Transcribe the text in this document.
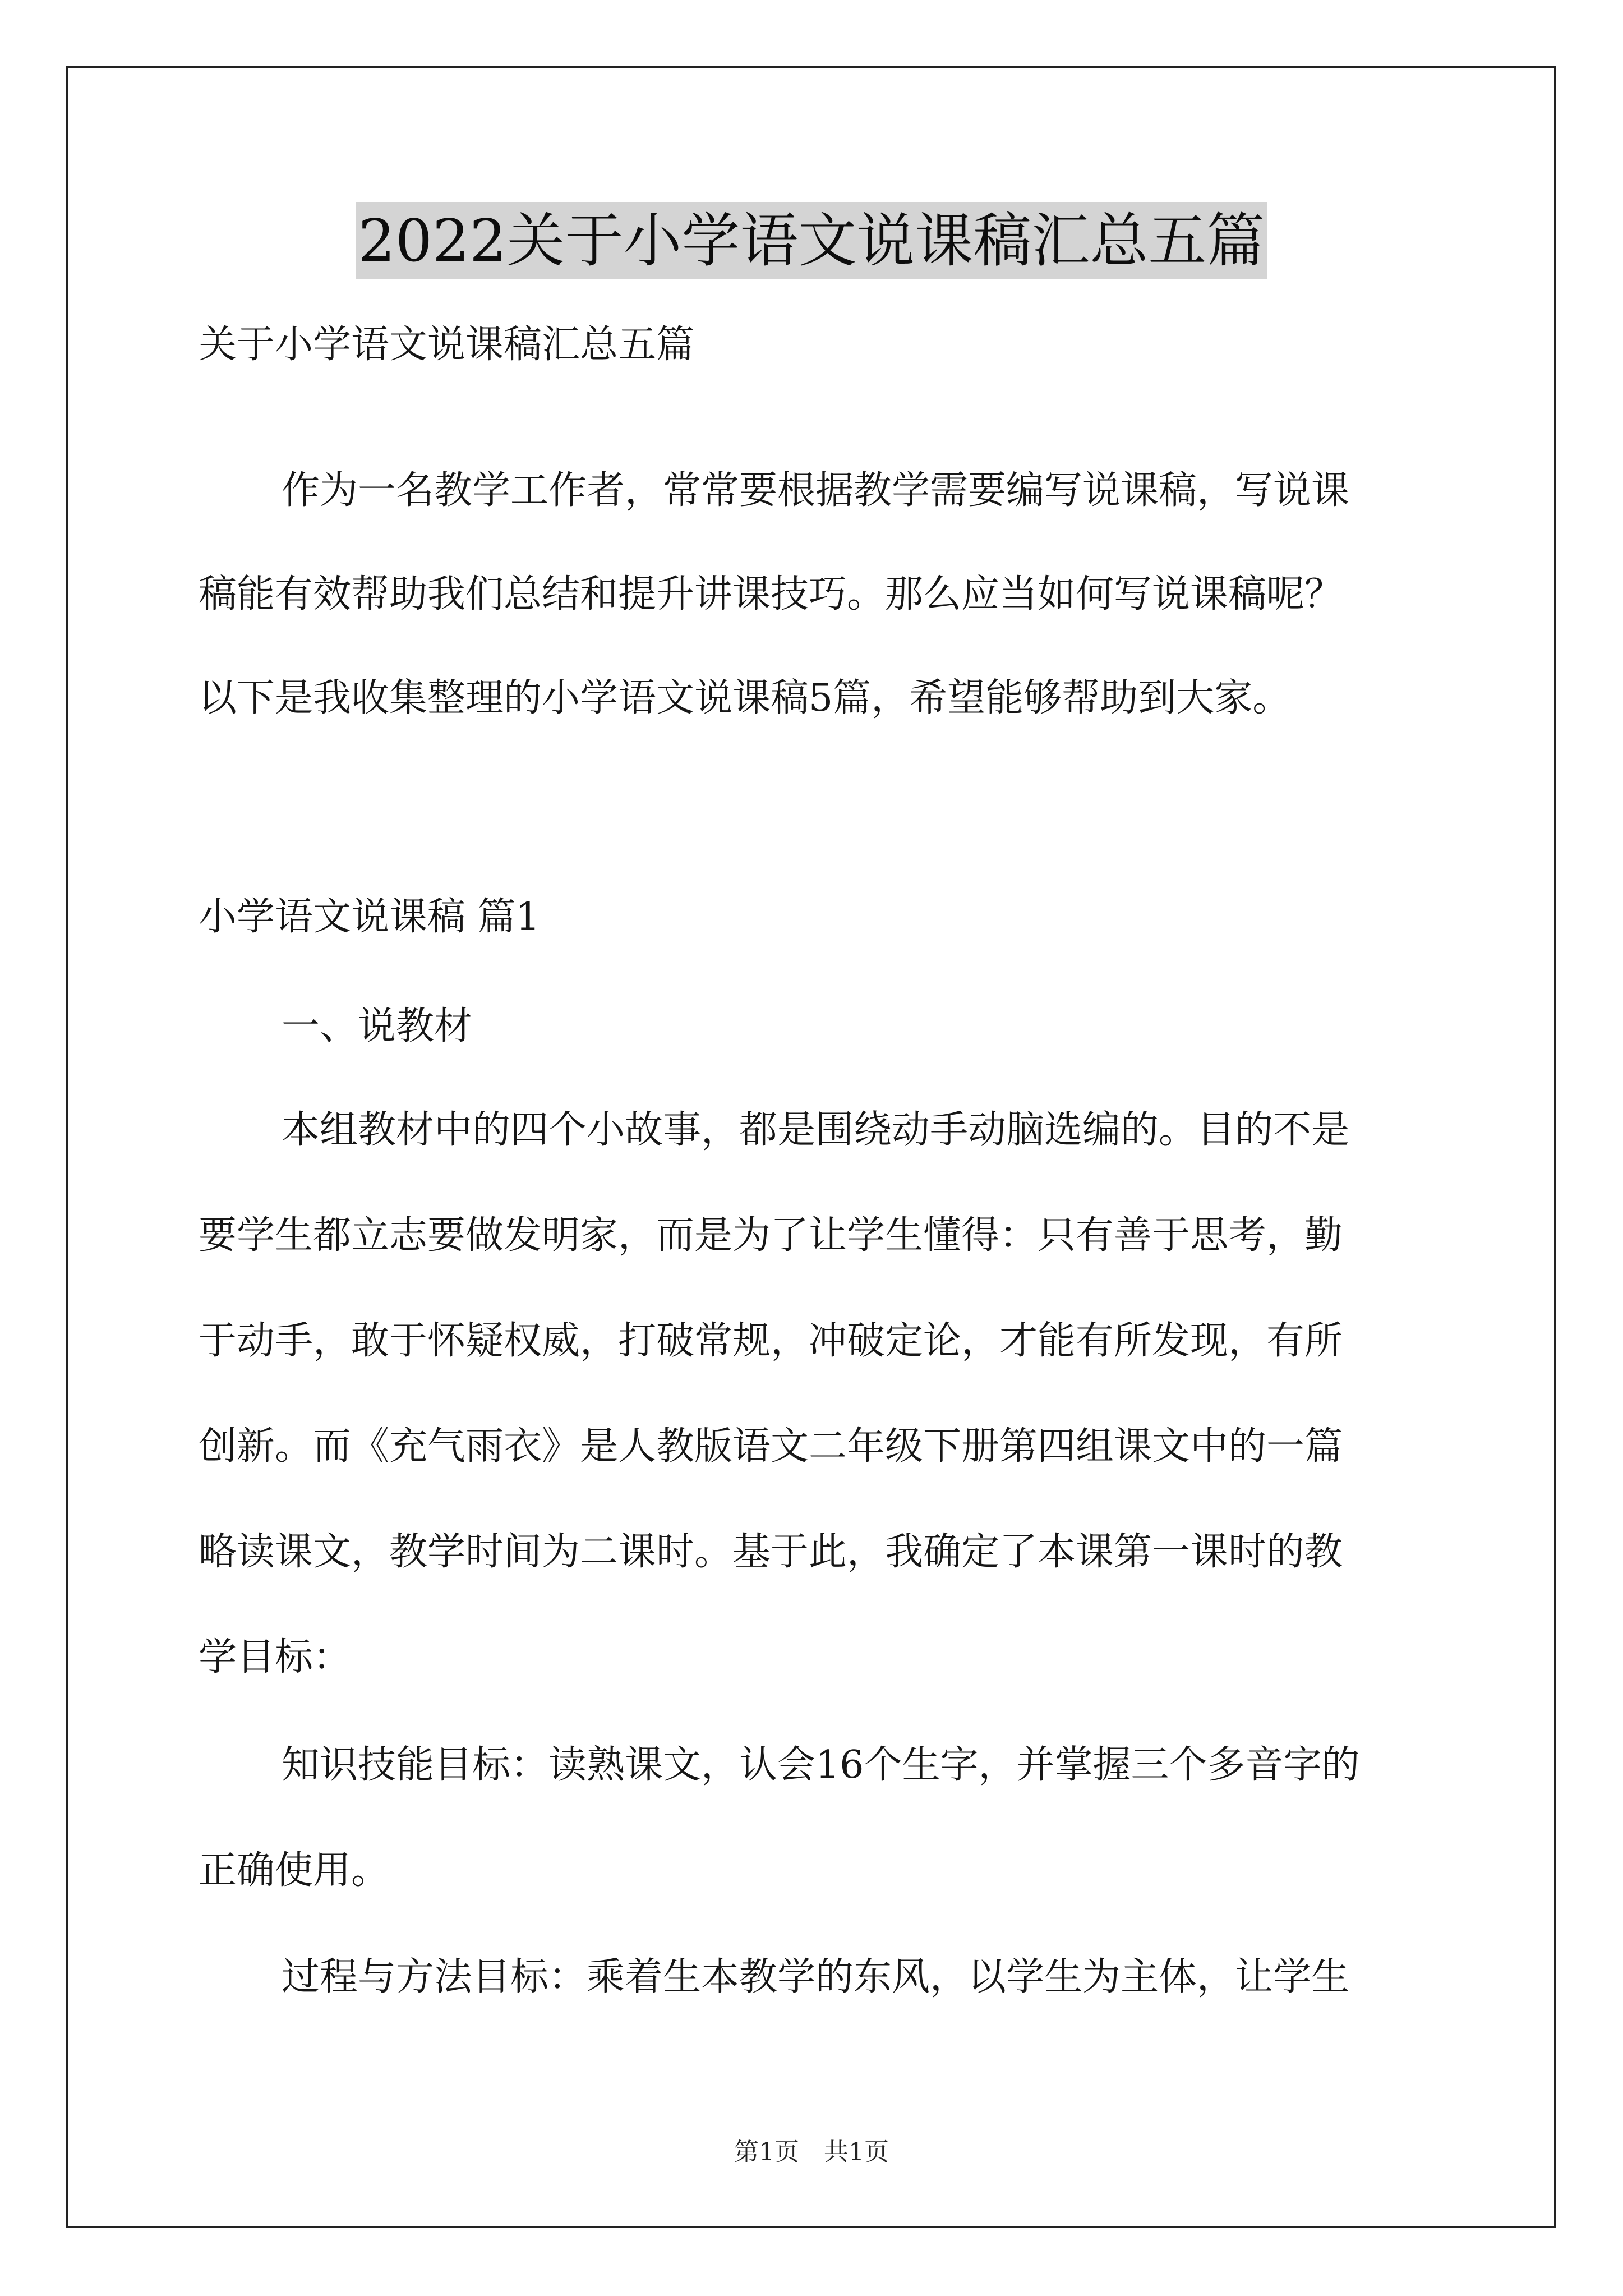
2022关于小学语文说课稿汇总五篇
关于小学语文说课稿汇总五篇
作为一名教学工作者，常常要根据教学需要编写说课稿，写说课
稿能有效帮助我们总结和提升讲课技巧。那么应当如何写说课稿呢？
以下是我收集整理的小学语文说课稿5篇，希望能够帮助到大家。
小学语文说课稿 篇1
一、说教材
本组教材中的四个小故事，都是围绕动手动脑选编的。目的不是
要学生都立志要做发明家，而是为了让学生懂得：只有善于思考，勤
于动手，敢于怀疑权威，打破常规，冲破定论，才能有所发现，有所
创新。而《充气雨衣》是人教版语文二年级下册第四组课文中的一篇
略读课文，教学时间为二课时。基于此，我确定了本课第一课时的教
学目标：
知识技能目标：读熟课文，认会16个生字，并掌握三个多音字的
正确使用。
过程与方法目标：乘着生本教学的东风，以学生为主体，让学生
第1页　共1页
